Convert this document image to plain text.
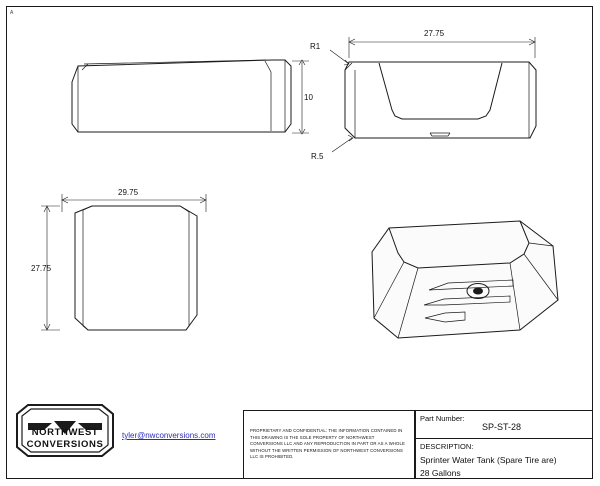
A
10
27.75
R1
R.5
29.75
27.75
NORTHWEST
CONVERSIONS
tyler@nwconversions.com
PROPRIETARY AND CONFIDENTIAL: THE INFORMATION CONTAINED IN THIS DRAWING IS THE SOLE PROPERTY OF NORTHWEST CONVERSIONS LLC AND ANY REPRODUCTION IN PART OR AS A WHOLE WITHOUT THE WRITTEN PERMISSION OF NORTHWEST CONVERSIONS LLC IS PROHIBITED.
Part Number:
SP-ST-28
DESCRIPTION:
Sprinter Water Tank (Spare Tire are)
28 Gallons
